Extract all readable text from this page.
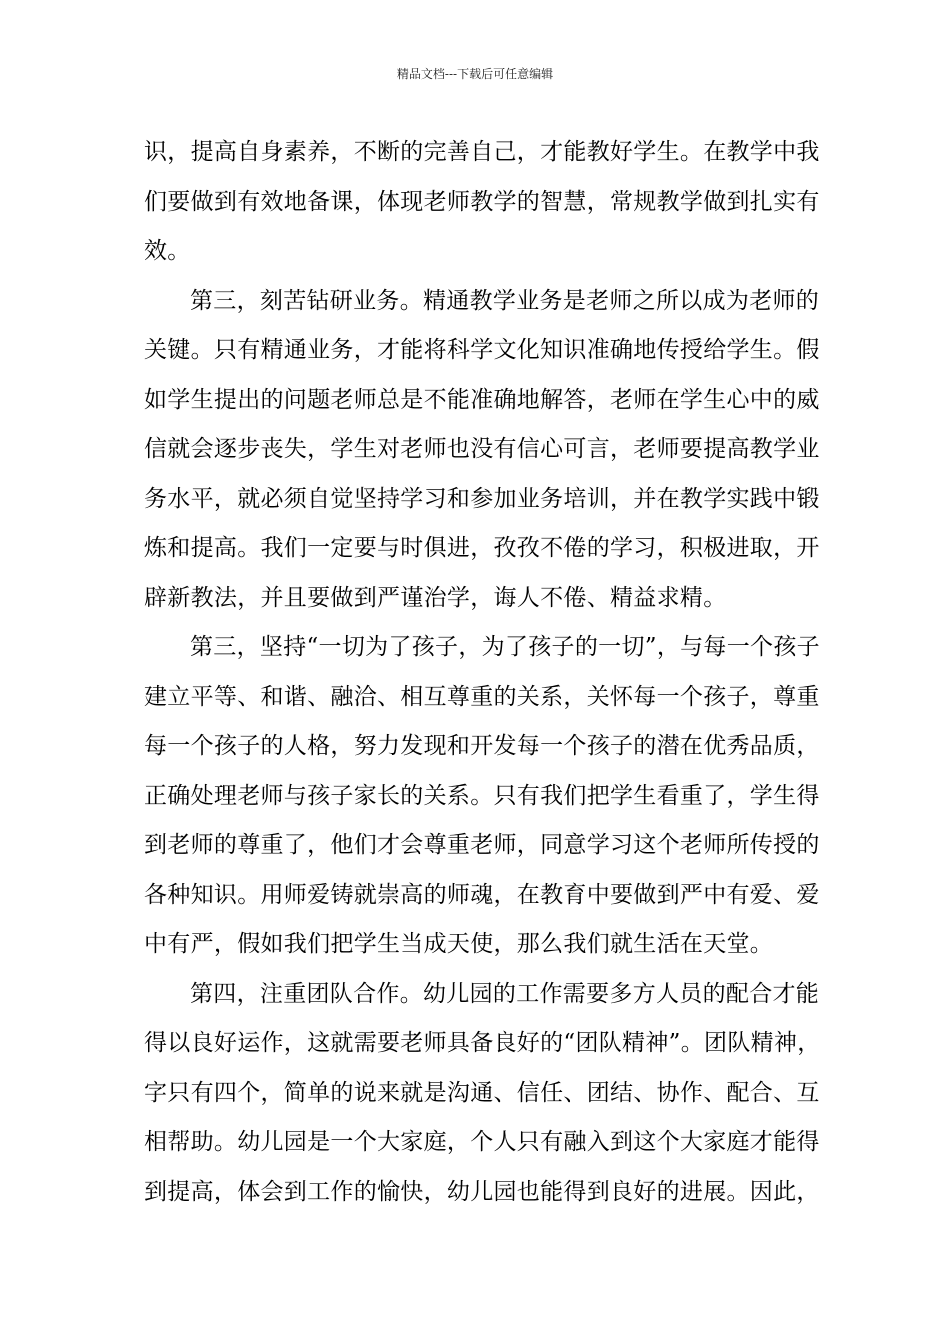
精品文档---下载后可任意编辑
识，提高自身素养，不断的完善自己，才能教好学生。在教学中我
们要做到有效地备课，体现老师教学的智慧，常规教学做到扎实有
效。
第三，刻苦钻研业务。精通教学业务是老师之所以成为老师的
关键。只有精通业务，才能将科学文化知识准确地传授给学生。假
如学生提出的问题老师总是不能准确地解答，老师在学生心中的威
信就会逐步丧失，学生对老师也没有信心可言，老师要提高教学业
务水平，就必须自觉坚持学习和参加业务培训，并在教学实践中锻
炼和提高。我们一定要与时俱进，孜孜不倦的学习，积极进取，开
辟新教法，并且要做到严谨治学，诲人不倦、精益求精。
第三，坚持“一切为了孩子，为了孩子的一切”，与每一个孩子
建立平等、和谐、融洽、相互尊重的关系，关怀每一个孩子，尊重
每一个孩子的人格，努力发现和开发每一个孩子的潜在优秀品质，
正确处理老师与孩子家长的关系。只有我们把学生看重了，学生得
到老师的尊重了，他们才会尊重老师，同意学习这个老师所传授的
各种知识。用师爱铸就崇高的师魂，在教育中要做到严中有爱、爱
中有严，假如我们把学生当成天使，那么我们就生活在天堂。
第四，注重团队合作。幼儿园的工作需要多方人员的配合才能
得以良好运作，这就需要老师具备良好的“团队精神”。团队精神，
字只有四个，简单的说来就是沟通、信任、团结、协作、配合、互
相帮助。幼儿园是一个大家庭，个人只有融入到这个大家庭才能得
到提高，体会到工作的愉快，幼儿园也能得到良好的进展。因此，
